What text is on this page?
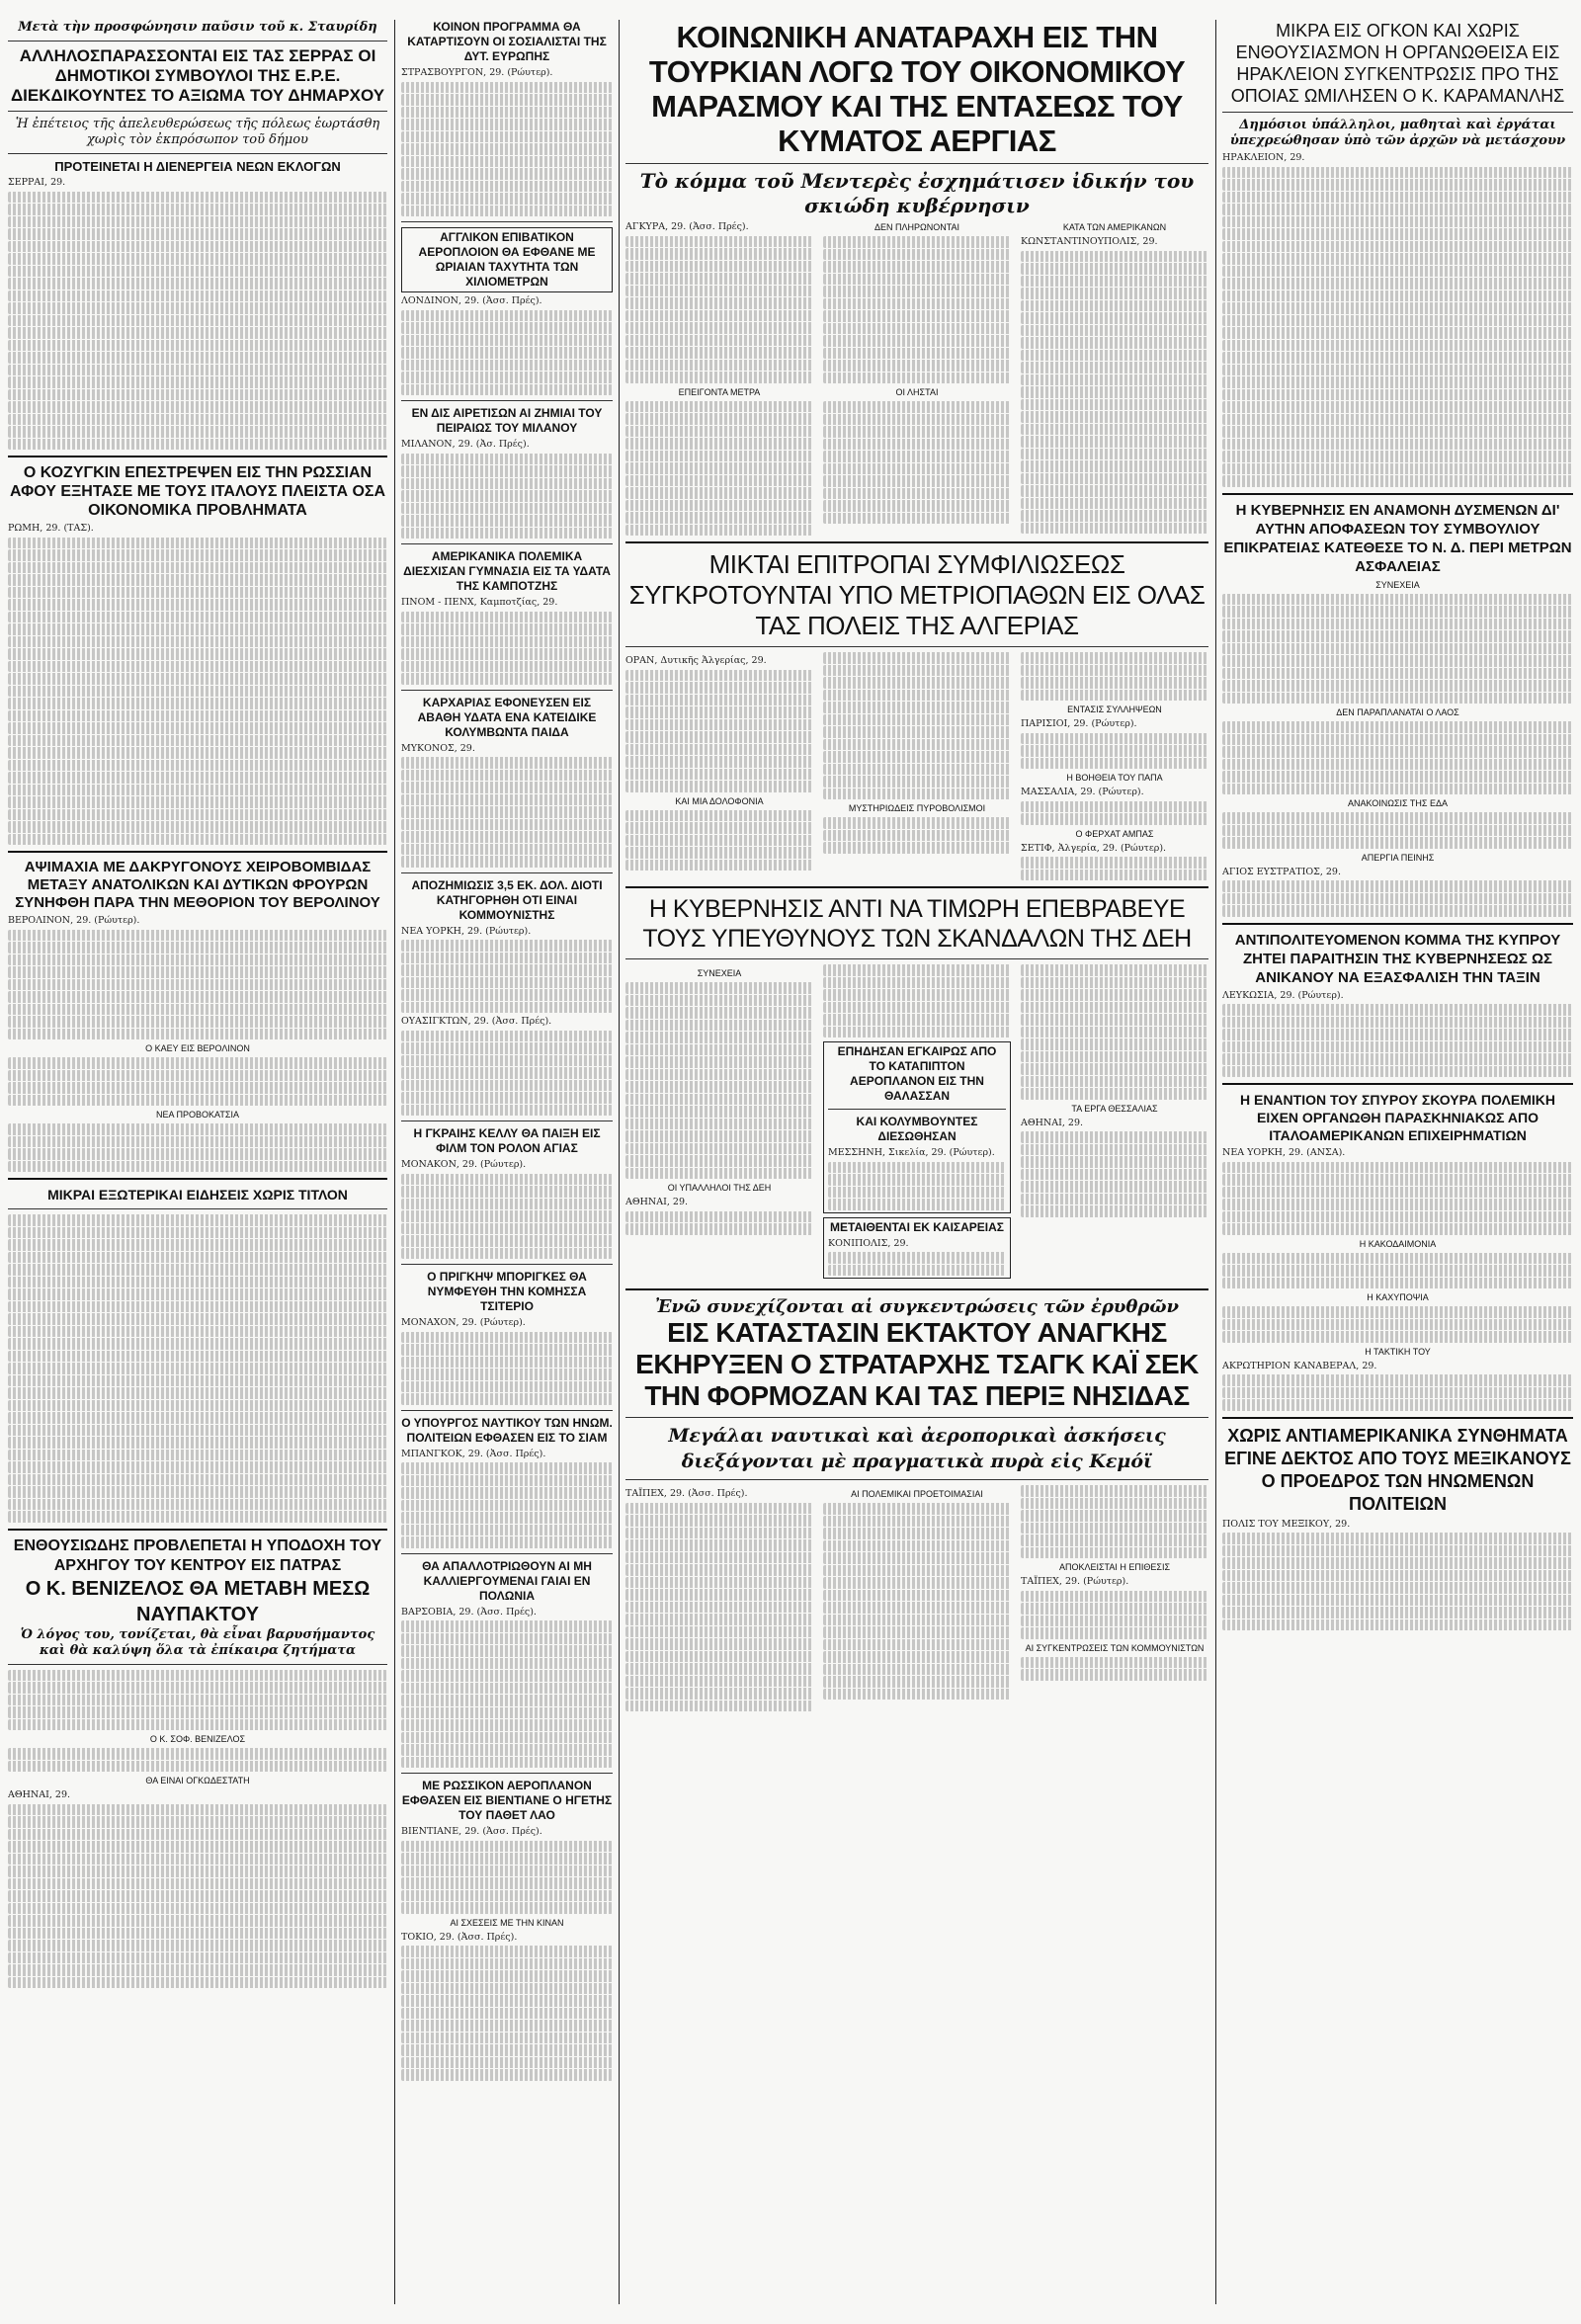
Μετὰ τὴν προσφώνησιν παῦσιν τοῦ κ. Σταυρίδη
ΑΛΛΗΛΟΣΠΑΡΑΣΣΟΝΤΑΙ ΕΙΣ ΤΑΣ ΣΕΡΡΑΣ ΟΙ ΔΗΜΟΤΙΚΟΙ ΣΥΜΒΟΥΛΟΙ ΤΗΣ Ε.Ρ.Ε. ΔΙΕΚΔΙΚΟΥΝΤΕΣ ΤΟ ΑΞΙΩΜΑ ΤΟΥ ΔΗΜΑΡΧΟΥ
Ἡ ἐπέτειος τῆς ἀπελευθερώσεως τῆς πόλεως ἑωρτάσθη χωρὶς τὸν ἐκπρόσωπον τοῦ δήμου
ΠΡΟΤΕΙΝΕΤΑΙ Η ΔΙΕΝΕΡΓΕΙΑ ΝΕΩΝ ΕΚΛΟΓΩΝ
ΣΕΡΡΑΙ, 29.
Ο ΚΟΖΥΓΚΙΝ ΕΠΕΣΤΡΕΨΕΝ ΕΙΣ ΤΗΝ ΡΩΣΣΙΑΝ ΑΦΟΥ ΕΞΗΤΑΣΕ ΜΕ ΤΟΥΣ ΙΤΑΛΟΥΣ ΠΛΕΙΣΤΑ ΟΣΑ ΟΙΚΟΝΟΜΙΚΑ ΠΡΟΒΛΗΜΑΤΑ
ΡΩΜΗ, 29. (ΤΑΣ).
ΑΨΙΜΑΧΙΑ ΜΕ ΔΑΚΡΥΓΟΝΟΥΣ ΧΕΙΡΟΒΟΜΒΙΔΑΣ ΜΕΤΑΞΥ ΑΝΑΤΟΛΙΚΩΝ ΚΑΙ ΔΥΤΙΚΩΝ ΦΡΟΥΡΩΝ ΣΥΝΗΦΘΗ ΠΑΡΑ ΤΗΝ ΜΕΘΟΡΙΟΝ ΤΟΥ ΒΕΡΟΛΙΝΟΥ
ΒΕΡΟΛΙΝΟΝ, 29. (Ρώυτερ).
Ο ΚΑΕΥ ΕΙΣ ΒΕΡΟΛΙΝΟΝ
ΝΕΑ ΠΡΟΒΟΚΑΤΣΙΑ
ΜΙΚΡΑΙ ΕΞΩΤΕΡΙΚΑΙ ΕΙΔΗΣΕΙΣ ΧΩΡΙΣ ΤΙΤΛΟΝ
ΕΝΘΟΥΣΙΩΔΗΣ ΠΡΟΒΛΕΠΕΤΑΙ Η ΥΠΟΔΟΧΗ ΤΟΥ ΑΡΧΗΓΟΥ ΤΟΥ ΚΕΝΤΡΟΥ ΕΙΣ ΠΑΤΡΑΣ
Ο Κ. ΒΕΝΙΖΕΛΟΣ ΘΑ ΜΕΤΑΒΗ ΜΕΣΩ ΝΑΥΠΑΚΤΟΥ
Ὁ λόγος του, τονίζεται, θὰ εἶναι βαρυσήμαντος καὶ θὰ καλύψη ὅλα τὰ ἐπίκαιρα ζητήματα
Ο Κ. ΣΟΦ. ΒΕΝΙΖΕΛΟΣ
ΘΑ ΕΙΝΑΙ ΟΓΚΩΔΕΣΤΑΤΗ
ΑΘΗΝΑΙ, 29.
ΚΟΙΝΟΝ ΠΡΟΓΡΑΜΜΑ ΘΑ ΚΑΤΑΡΤΙΣΟΥΝ ΟΙ ΣΟΣΙΑΛΙΣΤΑΙ ΤΗΣ ΔΥΤ. ΕΥΡΩΠΗΣ
ΣΤΡΑΣΒΟΥΡΓΟΝ, 29. (Ρώυτερ).
ΑΓΓΛΙΚΟΝ ΕΠΙΒΑΤΙΚΟΝ ΑΕΡΟΠΛΟΙΟΝ ΘΑ ΕΦΘΑΝΕ ΜΕ ΩΡΙΑΙΑΝ ΤΑΧΥΤΗΤΑ ΤΩΝ ΧΙΛΙΟΜΕΤΡΩΝ
ΛΟΝΔΙΝΟΝ, 29. (Ἀσσ. Πρές).
ΕΝ ΔΙΣ ΑΙΡΕΤΙΣΩΝ ΑΙ ΖΗΜΙΑΙ ΤΟΥ ΠΕΙΡΑΙΩΣ ΤΟΥ ΜΙΛΑΝΟΥ
ΜΙΛΑΝΟΝ, 29. (Ἀσ. Πρές).
ΑΜΕΡΙΚΑΝΙΚΑ ΠΟΛΕΜΙΚΑ ΔΙΕΣΧΙΣΑΝ ΓΥΜΝΑΣΙΑ ΕΙΣ ΤΑ ΥΔΑΤΑ ΤΗΣ ΚΑΜΠΟΤΖΗΣ
ΠΝΟΜ - ΠΕΝΧ, Καμποτζίας, 29.
ΚΑΡΧΑΡΙΑΣ ΕΦΟΝΕΥΣΕΝ ΕΙΣ ΑΒΑΘΗ ΥΔΑΤΑ ΕΝΑ ΚΑΤΕΙΔΙΚΕ ΚΟΛΥΜΒΩΝΤΑ ΠΑΙΔΑ
ΜΥΚΟΝΟΣ, 29.
ΑΠΟΖΗΜΙΩΣΙΣ 3,5 ΕΚ. ΔΟΛ. ΔΙΟΤΙ ΚΑΤΗΓΟΡΗΘΗ ΟΤΙ ΕΙΝΑΙ ΚΟΜΜΟΥΝΙΣΤΗΣ
ΝΕΑ ΥΟΡΚΗ, 29. (Ρώυτερ).
ΟΥΑΣΙΓΚΤΩΝ, 29. (Ἀσσ. Πρές).
Η ΓΚΡΑΙΗΣ ΚΕΛΛΥ ΘΑ ΠΑΙΞΗ ΕΙΣ ΦΙΛΜ ΤΟΝ ΡΟΛΟΝ ΑΓΙΑΣ
ΜΟΝΑΚΟΝ, 29. (Ρώυτερ).
Ο ΠΡΙΓΚΗΨ ΜΠΟΡΙΓΚΕΣ ΘΑ ΝΥΜΦΕΥΘΗ ΤΗΝ ΚΟΜΗΣΣΑ ΤΣΙΤΕΡΙΟ
ΜΟΝΑΧΟΝ, 29. (Ρώυτερ).
Ο ΥΠΟΥΡΓΟΣ ΝΑΥΤΙΚΟΥ ΤΩΝ ΗΝΩΜ. ΠΟΛΙΤΕΙΩΝ ΕΦΘΑΣΕΝ ΕΙΣ ΤΟ ΣΙΑΜ
ΜΠΑΝΓΚΟΚ, 29. (Ἀσσ. Πρές).
ΘΑ ΑΠΑΛΛΟΤΡΙΩΘΟΥΝ ΑΙ ΜΗ ΚΑΛΛΙΕΡΓΟΥΜΕΝΑΙ ΓΑΙΑΙ ΕΝ ΠΟΛΩΝΙΑ
ΒΑΡΣΟΒΙΑ, 29. (Ἀσσ. Πρές).
ΜΕ ΡΩΣΣΙΚΟΝ ΑΕΡΟΠΛΑΝΟΝ ΕΦΘΑΣΕΝ ΕΙΣ ΒΙΕΝΤΙΑΝΕ Ο ΗΓΕΤΗΣ ΤΟΥ ΠΑΘΕΤ ΛΑΟ
ΒΙΕΝΤΙΑΝΕ, 29. (Ἀσσ. Πρές).
ΑΙ ΣΧΕΣΕΙΣ ΜΕ ΤΗΝ ΚΙΝΑΝ
ΤΟΚΙΟ, 29. (Ἀσσ. Πρές).
ΚΟΙΝΩΝΙΚΗ ΑΝΑΤΑΡΑΧΗ ΕΙΣ ΤΗΝ ΤΟΥΡΚΙΑΝ ΛΟΓΩ ΤΟΥ ΟΙΚΟΝΟΜΙΚΟΥ ΜΑΡΑΣΜΟΥ ΚΑΙ ΤΗΣ ΕΝΤΑΣΕΩΣ ΤΟΥ ΚΥΜΑΤΟΣ ΑΕΡΓΙΑΣ
Τὸ κόμμα τοῦ Μεντερὲς ἐσχημάτισεν ἰδικήν του σκιώδη κυβέρνησιν
ΑΓΚΥΡΑ, 29. (Ἀσσ. Πρές).
ΕΠΕΙΓΟΝΤΑ ΜΕΤΡΑ
ΔΕΝ ΠΛΗΡΩΝΟΝΤΑΙ
ΟΙ ΛΗΣΤΑΙ
ΚΑΤΑ ΤΩΝ ΑΜΕΡΙΚΑΝΩΝ
ΚΩΝΣΤΑΝΤΙΝΟΥΠΟΛΙΣ, 29.
ΜΙΚΤΑΙ ΕΠΙΤΡΟΠΑΙ ΣΥΜΦΙΛΙΩΣΕΩΣ ΣΥΓΚΡΟΤΟΥΝΤΑΙ ΥΠΟ ΜΕΤΡΙΟΠΑΘΩΝ ΕΙΣ ΟΛΑΣ ΤΑΣ ΠΟΛΕΙΣ ΤΗΣ ΑΛΓΕΡΙΑΣ
ΟΡΑΝ, Δυτικῆς Ἀλγερίας, 29.
ΚΑΙ ΜΙΑ ΔΟΛΟΦΟΝΙΑ
ΜΥΣΤΗΡΙΩΔΕΙΣ ΠΥΡΟΒΟΛΙΣΜΟΙ
ΕΝΤΑΣΙΣ ΣΥΛΛΗΨΕΩΝ
ΠΑΡΙΣΙΟΙ, 29. (Ρώυτερ).
Η ΒΟΗΘΕΙΑ ΤΟΥ ΠΑΠΑ
ΜΑΣΣΑΛΙΑ, 29. (Ρώυτερ).
Ο ΦΕΡΧΑΤ ΑΜΠΑΣ
ΣΕΤΙΦ, Ἀλγερία, 29. (Ρώυτερ).
Η ΚΥΒΕΡΝΗΣΙΣ ΑΝΤΙ ΝΑ ΤΙΜΩΡΗ ΕΠΕΒΡΑΒΕΥΕ ΤΟΥΣ ΥΠΕΥΘΥΝΟΥΣ ΤΩΝ ΣΚΑΝΔΑΛΩΝ ΤΗΣ ΔΕΗ
ΣΥΝΕΧΕΙΑ
ΟΙ ΥΠΑΛΛΗΛΟΙ ΤΗΣ ΔΕΗ
ΑΘΗΝΑΙ, 29.
ΕΠΗΔΗΣΑΝ ΕΓΚΑΙΡΩΣ ΑΠΟ ΤΟ ΚΑΤΑΠΙΠΤΟΝ ΑΕΡΟΠΛΑΝΟΝ ΕΙΣ ΤΗΝ ΘΑΛΑΣΣΑΝ
ΚΑΙ ΚΟΛΥΜΒΟΥΝΤΕΣ ΔΙΕΣΩΘΗΣΑΝ
ΜΕΣΣΗΝΗ, Σικελία, 29. (Ρώυτερ).
ΜΕΤΑΙΘΕΝΤΑΙ ΕΚ ΚΑΙΣΑΡΕΙΑΣ
ΚΟΝΙΠΟΛΙΣ, 29.
ΤΑ ΕΡΓΑ ΘΕΣΣΑΛΙΑΣ
ΑΘΗΝΑΙ, 29.
Ἐνῶ συνεχίζονται αἱ συγκεντρώσεις τῶν ἐρυθρῶν
ΕΙΣ ΚΑΤΑΣΤΑΣΙΝ ΕΚΤΑΚΤΟΥ ΑΝΑΓΚΗΣ ΕΚΗΡΥΞΕΝ Ο ΣΤΡΑΤΑΡΧΗΣ ΤΣΑΓΚ ΚΑΪ ΣΕΚ ΤΗΝ ΦΟΡΜΟΖΑΝ ΚΑΙ ΤΑΣ ΠΕΡΙΞ ΝΗΣΙΔΑΣ
Μεγάλαι ναυτικαὶ καὶ ἀεροπορικαὶ ἀσκήσεις διεξάγονται μὲ πραγματικὰ πυρὰ εἰς Κεμόϊ
ΤΑΪΠΕΧ, 29. (Ἀσσ. Πρές).	ΑΙ ΠΟΛΕΜΙΚΑΙ ΠΡΟΕΤΟΙΜΑΣΙΑΙ
ΑΠΟΚΛΕΙΣΤΑΙ Η ΕΠΙΘΕΣΙΣ
ΤΑΪΠΕΧ, 29. (Ρώυτερ).
ΑΙ ΣΥΓΚΕΝΤΡΩΣΕΙΣ ΤΩΝ ΚΟΜΜΟΥΝΙΣΤΩΝ
ΜΙΚΡΑ ΕΙΣ ΟΓΚΟΝ ΚΑΙ ΧΩΡΙΣ ΕΝΘΟΥΣΙΑΣΜΟΝ Η ΟΡΓΑΝΩΘΕΙΣΑ ΕΙΣ ΗΡΑΚΛΕΙΟΝ ΣΥΓΚΕΝΤΡΩΣΙΣ ΠΡΟ ΤΗΣ ΟΠΟΙΑΣ ΩΜΙΛΗΣΕΝ Ο Κ. ΚΑΡΑΜΑΝΛΗΣ
Δημόσιοι ὑπάλληλοι, μαθηταὶ καὶ ἐργάται ὑπεχρεώθησαν ὑπὸ τῶν ἀρχῶν νὰ μετάσχουν
ΗΡΑΚΛΕΙΟΝ, 29.
Η ΚΥΒΕΡΝΗΣΙΣ ΕΝ ΑΝΑΜΟΝΗ ΔΥΣΜΕΝΩΝ ΔΙ' ΑΥΤΗΝ ΑΠΟΦΑΣΕΩΝ ΤΟΥ ΣΥΜΒΟΥΛΙΟΥ ΕΠΙΚΡΑΤΕΙΑΣ ΚΑΤΕΘΕΣΕ ΤΟ Ν. Δ. ΠΕΡΙ ΜΕΤΡΩΝ ΑΣΦΑΛΕΙΑΣ
ΣΥΝΕΧΕΙΑ
ΔΕΝ ΠΑΡΑΠΛΑΝΑΤΑΙ Ο ΛΑΟΣ
ΑΝΑΚΟΙΝΩΣΙΣ ΤΗΣ ΕΔΑ
ΑΠΕΡΓΙΑ ΠΕΙΝΗΣ
ΑΓΙΟΣ ΕΥΣΤΡΑΤΙΟΣ, 29.
ΑΝΤΙΠΟΛΙΤΕΥΟΜΕΝΟΝ ΚΟΜΜΑ ΤΗΣ ΚΥΠΡΟΥ ΖΗΤΕΙ ΠΑΡΑΙΤΗΣΙΝ ΤΗΣ ΚΥΒΕΡΝΗΣΕΩΣ ΩΣ ΑΝΙΚΑΝΟΥ ΝΑ ΕΞΑΣΦΑΛΙΣΗ ΤΗΝ ΤΑΞΙΝ
ΛΕΥΚΩΣΙΑ, 29. (Ρώυτερ).
Η ΕΝΑΝΤΙΟΝ ΤΟΥ ΣΠΥΡΟΥ ΣΚΟΥΡΑ ΠΟΛΕΜΙΚΗ ΕΙΧΕΝ ΟΡΓΑΝΩΘΗ ΠΑΡΑΣΚΗΝΙΑΚΩΣ ΑΠΟ ΙΤΑΛΟΑΜΕΡΙΚΑΝΩΝ ΕΠΙΧΕΙΡΗΜΑΤΙΩΝ
ΝΕΑ ΥΟΡΚΗ, 29. (ΑΝΣΑ).
Η ΚΑΚΟΔΑΙΜΟΝΙΑ
Η ΚΑΧΥΠΟΨΙΑ
Η ΤΑΚΤΙΚΗ ΤΟΥ
ΑΚΡΩΤΗΡΙΟΝ ΚΑΝΑΒΕΡΑΛ, 29.
ΧΩΡΙΣ ΑΝΤΙΑΜΕΡΙΚΑΝΙΚΑ ΣΥΝΘΗΜΑΤΑ ΕΓΙΝΕ ΔΕΚΤΟΣ ΑΠΟ ΤΟΥΣ ΜΕΞΙΚΑΝΟΥΣ Ο ΠΡΟΕΔΡΟΣ ΤΩΝ ΗΝΩΜΕΝΩΝ ΠΟΛΙΤΕΙΩΝ
ΠΟΛΙΣ ΤΟΥ ΜΕΞΙΚΟΥ, 29.
